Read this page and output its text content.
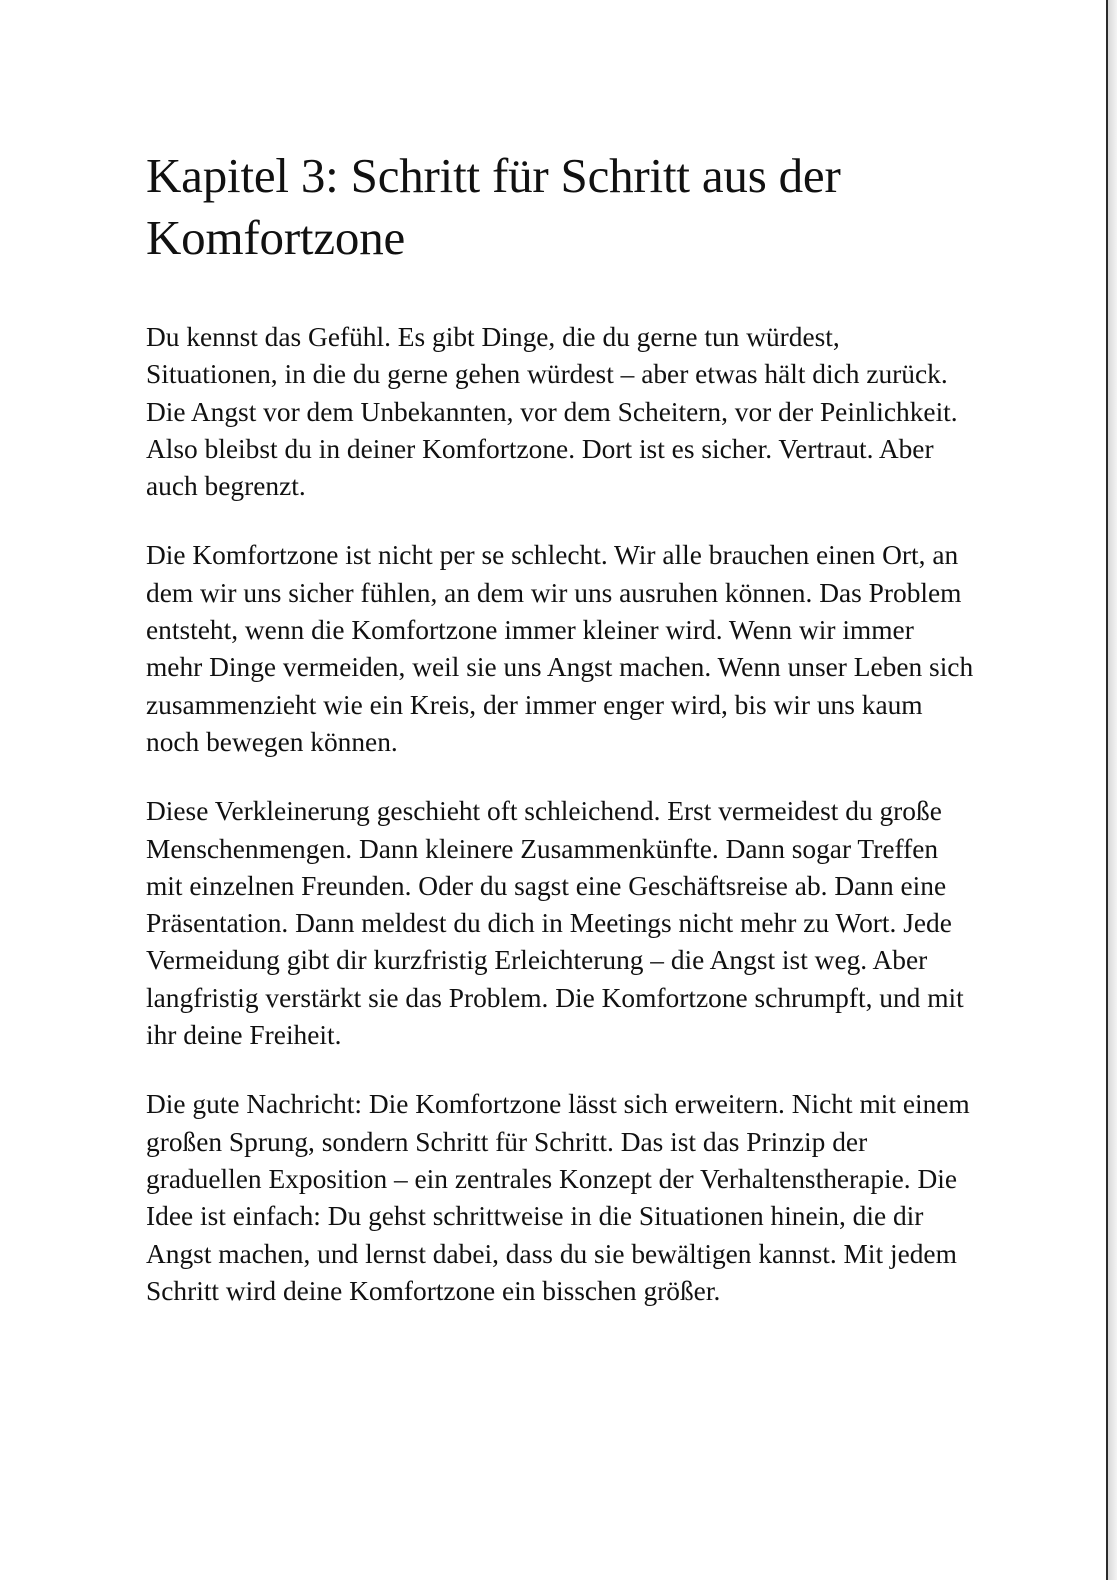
Kapitel 3: Schritt für Schritt aus der Komfortzone

Du kennst das Gefühl. Es gibt Dinge, die du gerne tun würdest, Situationen, in die du gerne gehen würdest – aber etwas hält dich zurück. Die Angst vor dem Unbekannten, vor dem Scheitern, vor der Peinlichkeit. Also bleibst du in deiner Komfortzone. Dort ist es sicher. Vertraut. Aber auch begrenzt.

Die Komfortzone ist nicht per se schlecht. Wir alle brauchen einen Ort, an dem wir uns sicher fühlen, an dem wir uns ausruhen können. Das Problem entsteht, wenn die Komfortzone immer kleiner wird. Wenn wir immer mehr Dinge vermeiden, weil sie uns Angst machen. Wenn unser Leben sich zusammenzieht wie ein Kreis, der immer enger wird, bis wir uns kaum noch bewegen können.

Diese Verkleinerung geschieht oft schleichend. Erst vermeidest du große Menschenmengen. Dann kleinere Zusammenkünfte. Dann sogar Treffen mit einzelnen Freunden. Oder du sagst eine Geschäftsreise ab. Dann eine Präsentation. Dann meldest du dich in Meetings nicht mehr zu Wort. Jede Vermeidung gibt dir kurzfristig Erleichterung – die Angst ist weg. Aber langfristig verstärkt sie das Problem. Die Komfortzone schrumpft, und mit ihr deine Freiheit.

Die gute Nachricht: Die Komfortzone lässt sich erweitern. Nicht mit einem großen Sprung, sondern Schritt für Schritt. Das ist das Prinzip der graduellen Exposition – ein zentrales Konzept der Verhaltenstherapie. Die Idee ist einfach: Du gehst schrittweise in die Situationen hinein, die dir Angst machen, und lernst dabei, dass du sie bewältigen kannst. Mit jedem Schritt wird deine Komfortzone ein bisschen größer.
